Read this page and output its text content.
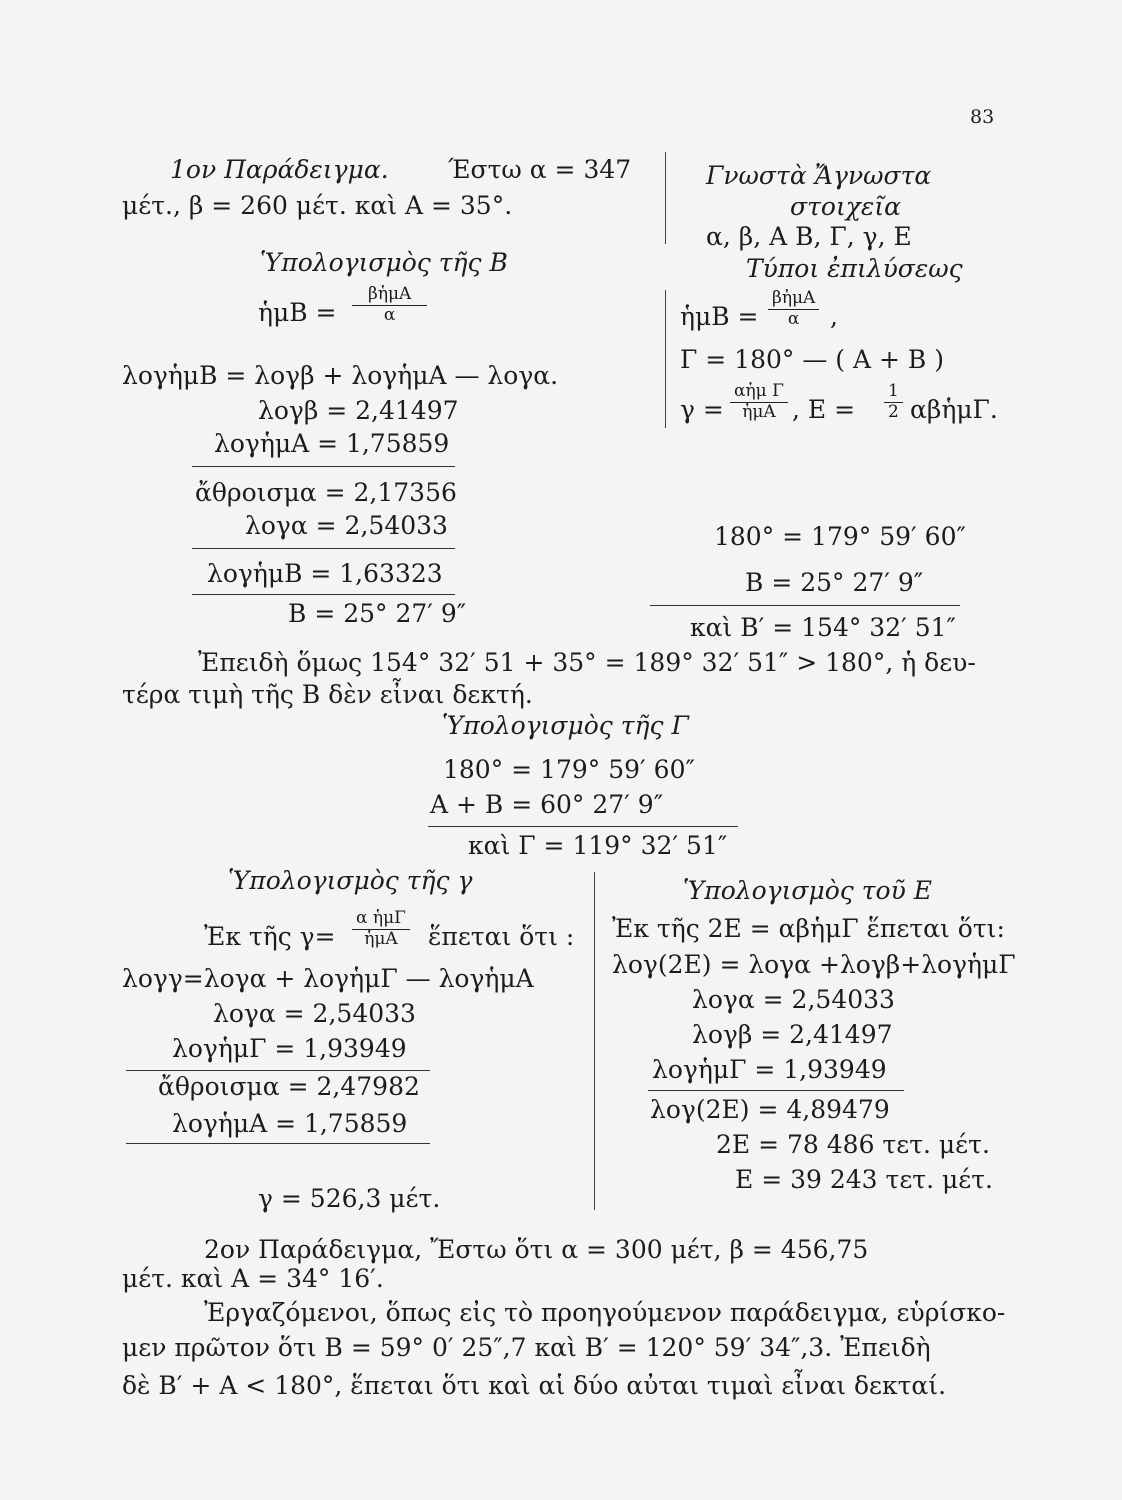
83
1ον Παράδειγμα. Έστω α = 347
μέτ., β = 260 μέτ. καὶ Α = 35°.
Γνωστὰ Ἄγνωστα
στοιχεῖα
α, β, Α Β, Γ, γ, Ε
Τύποι ἐπιλύσεως
ἡμΒ =
βἡμΑ
α ,
Γ = 180° — ( Α + Β )
γ =
αἡμ Γ
ἡμΑ , $E = \frac{1}{2}$ αβἡμΓ.
Ὑπολογισμὸς τῆς Β
ἡμΒ =
βἡμΑ
α
λογἡμΒ = λογβ + λογἡμΑ — λογα.
λογβ = 2,41497
λογἡμΑ = 1,75859
ἄθροισμα = 2,17356
λογα = 2,54033
λογἡμΒ = 1,63323
Β = 25° 27′ 9″
180° = 179° 59′ 60″
Β = 25° 27′ 9″
καὶ Β′ = 154° 32′ 51″
Ἐπειδὴ ὅμως 154° 32′ 51 + 35° = 189° 32′ 51″ > 180°, ἡ δευ-
τέρα τιμὴ τῆς Β δὲν εἶναι δεκτή.
Ὑπολογισμὸς τῆς Γ
180° = 179° 59′ 60″
Α + Β = 60° 27′ 9″
καὶ Γ = 119° 32′ 51″
Ὑπολογισμὸς τῆς γ
Ἐκ τῆς γ=
α ἡμΓ
ἡμΑ ἕπεται ὅτι :
λογγ=λογα + λογἡμΓ — λογἡμΑ
λογα = 2,54033
λογἡμΓ = 1,93949
ἄθροισμα = 2,47982
λογἡμΑ = 1,75859
γ = 526,3 μέτ.
Ὑπολογισμὸς τοῦ Ε
Ἐκ τῆς 2Ε = αβἡμΓ ἕπεται ὅτι:
λογ(2Ε) = λογα +λογβ+λογἡμΓ
λογα = 2,54033
λογβ = 2,41497
λογἡμΓ = 1,93949
λογ(2Ε) = 4,89479
2Ε = 78 486 τετ. μέτ.
Ε = 39 243 τετ. μέτ.
2ον Παράδειγμα, Ἔστω ὅτι α = 300 μέτ, β = 456,75
μέτ. καὶ Α = 34° 16′.
Ἐργαζόμενοι, ὅπως εἰς τὸ προηγούμενον παράδειγμα, εὑρίσκο-
μεν πρῶτον ὅτι Β = 59° 0′ 25″,7 καὶ Β′ = 120° 59′ 34″,3. Ἐπειδὴ
δὲ Β′ + Α < 180°, ἕπεται ὅτι καὶ αἱ δύο αὐται τιμαὶ εἶναι δεκταί.
